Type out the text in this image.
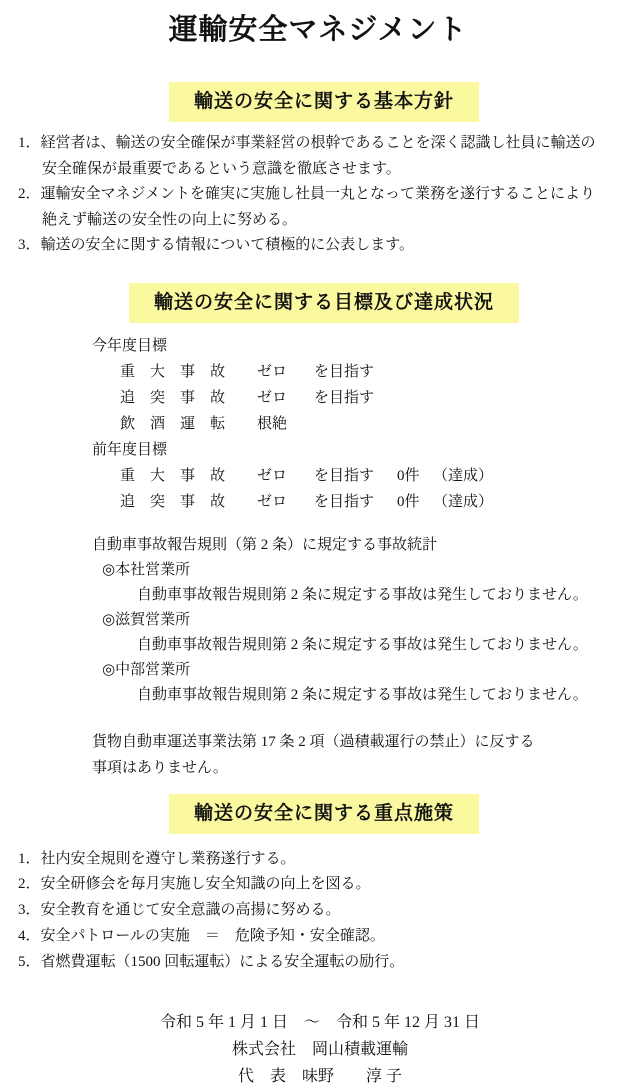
運輸安全マネジメント
輸送の安全に関する基本方針
1．経営者は、輸送の安全確保が事業経営の根幹であることを深く認識し社員に輸送の安全確保が最重要であるという意識を徹底させます。
2．運輸安全マネジメントを確実に実施し社員一丸となって業務を遂行することにより絶えず輸送の安全性の向上に努める。
3．輸送の安全に関する情報について積極的に公表します。
輸送の安全に関する目標及び達成状況
今年度目標
重　大　事　故 ゼロ を目指す
追　突　事　故 ゼロ を目指す
飲　酒　運　転 根絶
前年度目標
重　大　事　故 ゼロ を目指す 0件 （達成）
追　突　事　故 ゼロ を目指す 0件 （達成）
自動車事故報告規則（第 2 条）に規定する事故統計
◎本社営業所
自動車事故報告規則第 2 条に規定する事故は発生しておりません。
◎滋賀営業所
自動車事故報告規則第 2 条に規定する事故は発生しておりません。
◎中部営業所
自動車事故報告規則第 2 条に規定する事故は発生しておりません。
貨物自動車運送事業法第 17 条 2 項（過積載運行の禁止）に反する
事項はありません。
輸送の安全に関する重点施策
1．社内安全規則を遵守し業務遂行する。
2．安全研修会を毎月実施し安全知識の向上を図る。
3．安全教育を通じて安全意識の高揚に努める。
4．安全パトロールの実施　＝　危険予知・安全確認。
5．省燃費運転（1500 回転運転）による安全運転の励行。
令和 5 年 1 月 1 日　～　令和 5 年 12 月 31 日
株式会社　岡山積載運輸
代　表　味野　　淳 子
